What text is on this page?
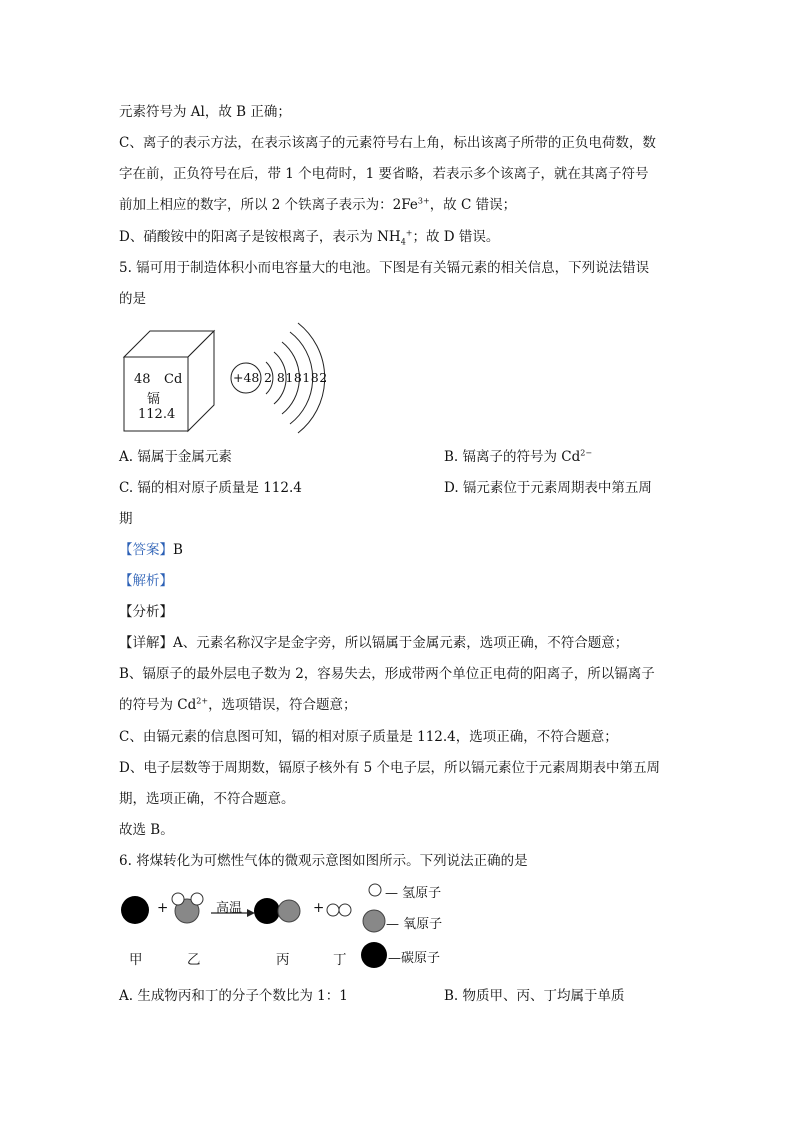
元素符号为 Al，故 B 正确；
C、离子的表示方法，在表示该离子的元素符号右上角，标出该离子所带的正负电荷数，数
字在前，正负符号在后，带 1 个电荷时，1 要省略，若表示多个该离子，就在其离子符号
前加上相应的数字，所以 2 个铁离子表示为：$2Fe^{3+}$，故 C 错误；
D、硝酸铵中的阳离子是铵根离子，表示为 $NH_4^+$；故 D 错误。
5. 镉可用于制造体积小而电容量大的电池。下图是有关镉元素的相关信息，下列说法错误
的是
48 Cd
镉
112.4
+48 2 818182
A. 镉属于金属元素	B. 镉离子的符号为 $Cd^{2-}$
C. 镉的相对原子质量是 112.4	D. 镉元素位于元素周期表中第五周
期
【答案】B
【解析】
【分析】
【详解】A、元素名称汉字是金字旁，所以镉属于金属元素，选项正确，不符合题意；
B、镉原子的最外层电子数为 2，容易失去，形成带两个单位正电荷的阳离子，所以镉离子
的符号为 $Cd^{2+}$，选项错误，符合题意；
C、由镉元素的信息图可知，镉的相对原子质量是 112.4，选项正确，不符合题意；
D、电子层数等于周期数，镉原子核外有 5 个电子层，所以镉元素位于元素周期表中第五周
期，选项正确，不符合题意。
故选 B。
6. 将煤转化为可燃性气体的微观示意图如图所示。下列说法正确的是
+	高温	+
— 氢原子
— 氧原子
—碳原子
甲	乙	丙	丁
A. 生成物丙和丁的分子个数比为 1：1	B. 物质甲、丙、丁均属于单质
